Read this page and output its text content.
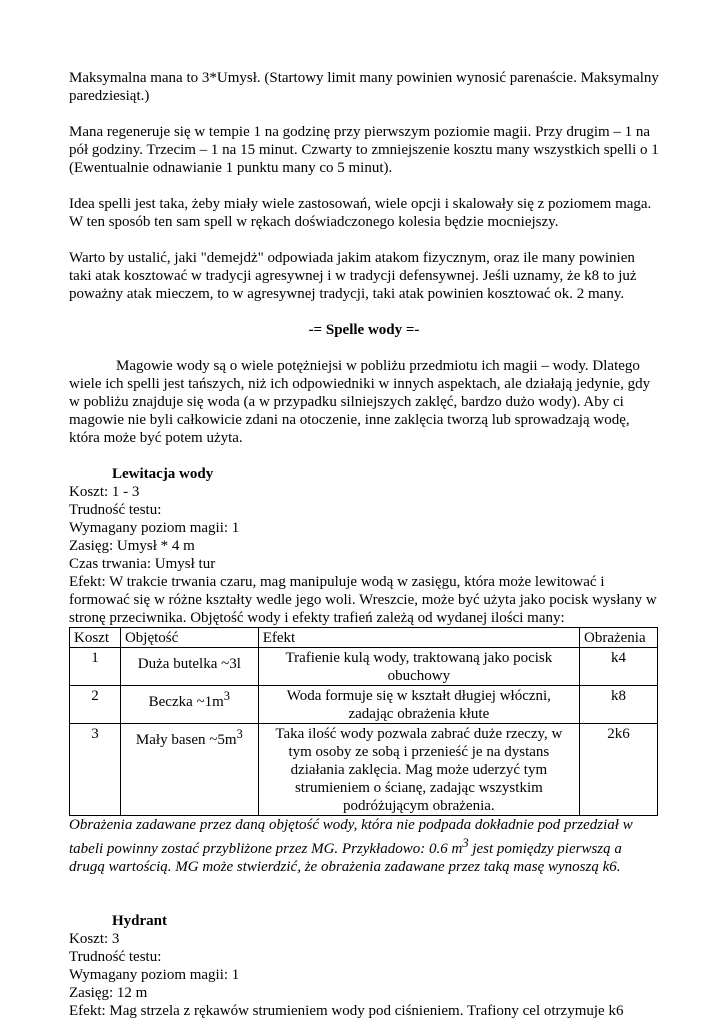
Maksymalna mana to 3*Umysł. (Startowy limit many powinien wynosić parenaście. Maksymalny paredziesiąt.)

Mana regeneruje się w tempie 1 na godzinę przy pierwszym poziomie magii. Przy drugim – 1 na pół godziny. Trzecim – 1 na 15 minut. Czwarty to zmniejszenie kosztu many wszystkich spelli o 1 (Ewentualnie odnawianie 1 punktu many co 5 minut).

Idea spelli jest taka, żeby miały wiele zastosowań, wiele opcji i skalowały się z poziomem maga. W ten sposób ten sam spell w rękach doświadczonego kolesia będzie mocniejszy.

Warto by ustalić, jaki "demejdż" odpowiada jakim atakom fizycznym, oraz ile many powinien taki atak kosztować w tradycji agresywnej i w tradycji defensywnej. Jeśli uznamy, że k8 to już poważny atak mieczem, to w agresywnej tradycji, taki atak powinien kosztować ok. 2 many.

-= Spelle wody =-

Magowie wody są o wiele potężniejsi w pobliżu przedmiotu ich magii – wody. Dlatego wiele ich spelli jest tańszych, niż ich odpowiedniki w innych aspektach, ale działają jedynie, gdy w pobliżu znajduje się woda (a w przypadku silniejszych zaklęć, bardzo dużo wody). Aby ci magowie nie byli całkowicie zdani na otoczenie, inne zaklęcia tworzą lub sprowadzają wodę, która może być potem użyta.

Lewitacja wody

Koszt: 1 - 3

Trudność testu:

Wymagany poziom magii: 1

Zasięg: Umysł * 4 m

Czas trwania: Umysł tur

Efekt: W trakcie trwania czaru, mag manipuluje wodą w zasięgu, która może lewitować i formować się w różne kształty wedle jego woli. Wreszcie, może być użyta jako pocisk wysłany w stronę przeciwnika. Objętość wody i efekty trafień zależą od wydanej ilości many:

Koszt	Objętość	Efekt	Obrażenia
1	Duża butelka ~3l	Trafienie kulą wody, traktowaną jako pocisk obuchowy	k4
2	Beczka $\sim 1m^3$	Woda formuje się w kształt długiej włóczni, zadając obrażenia kłute	k8
3	Mały basen $\sim 5m^3$	Taka ilość wody pozwala zabrać duże rzeczy, w tym osoby ze sobą i przenieść je na dystans działania zaklęcia. Mag może uderzyć tym strumieniem o ścianę, zadając wszystkim podróżującym obrażenia.	2k6

Obrażenia zadawane przez daną objętość wody, która nie podpada dokładnie pod przedział w tabeli powinny zostać przybliżone przez MG. Przykładowo: 0.6 $m^3$ jest pomiędzy pierwszą a drugą wartością. MG może stwierdzić, że obrażenia zadawane przez taką masę wynoszą k6.

Hydrant

Koszt: 3

Trudność testu:

Wymagany poziom magii: 1

Zasięg: 12 m

Efekt: Mag strzela z rękawów strumieniem wody pod ciśnieniem. Trafiony cel otrzymuje k6
